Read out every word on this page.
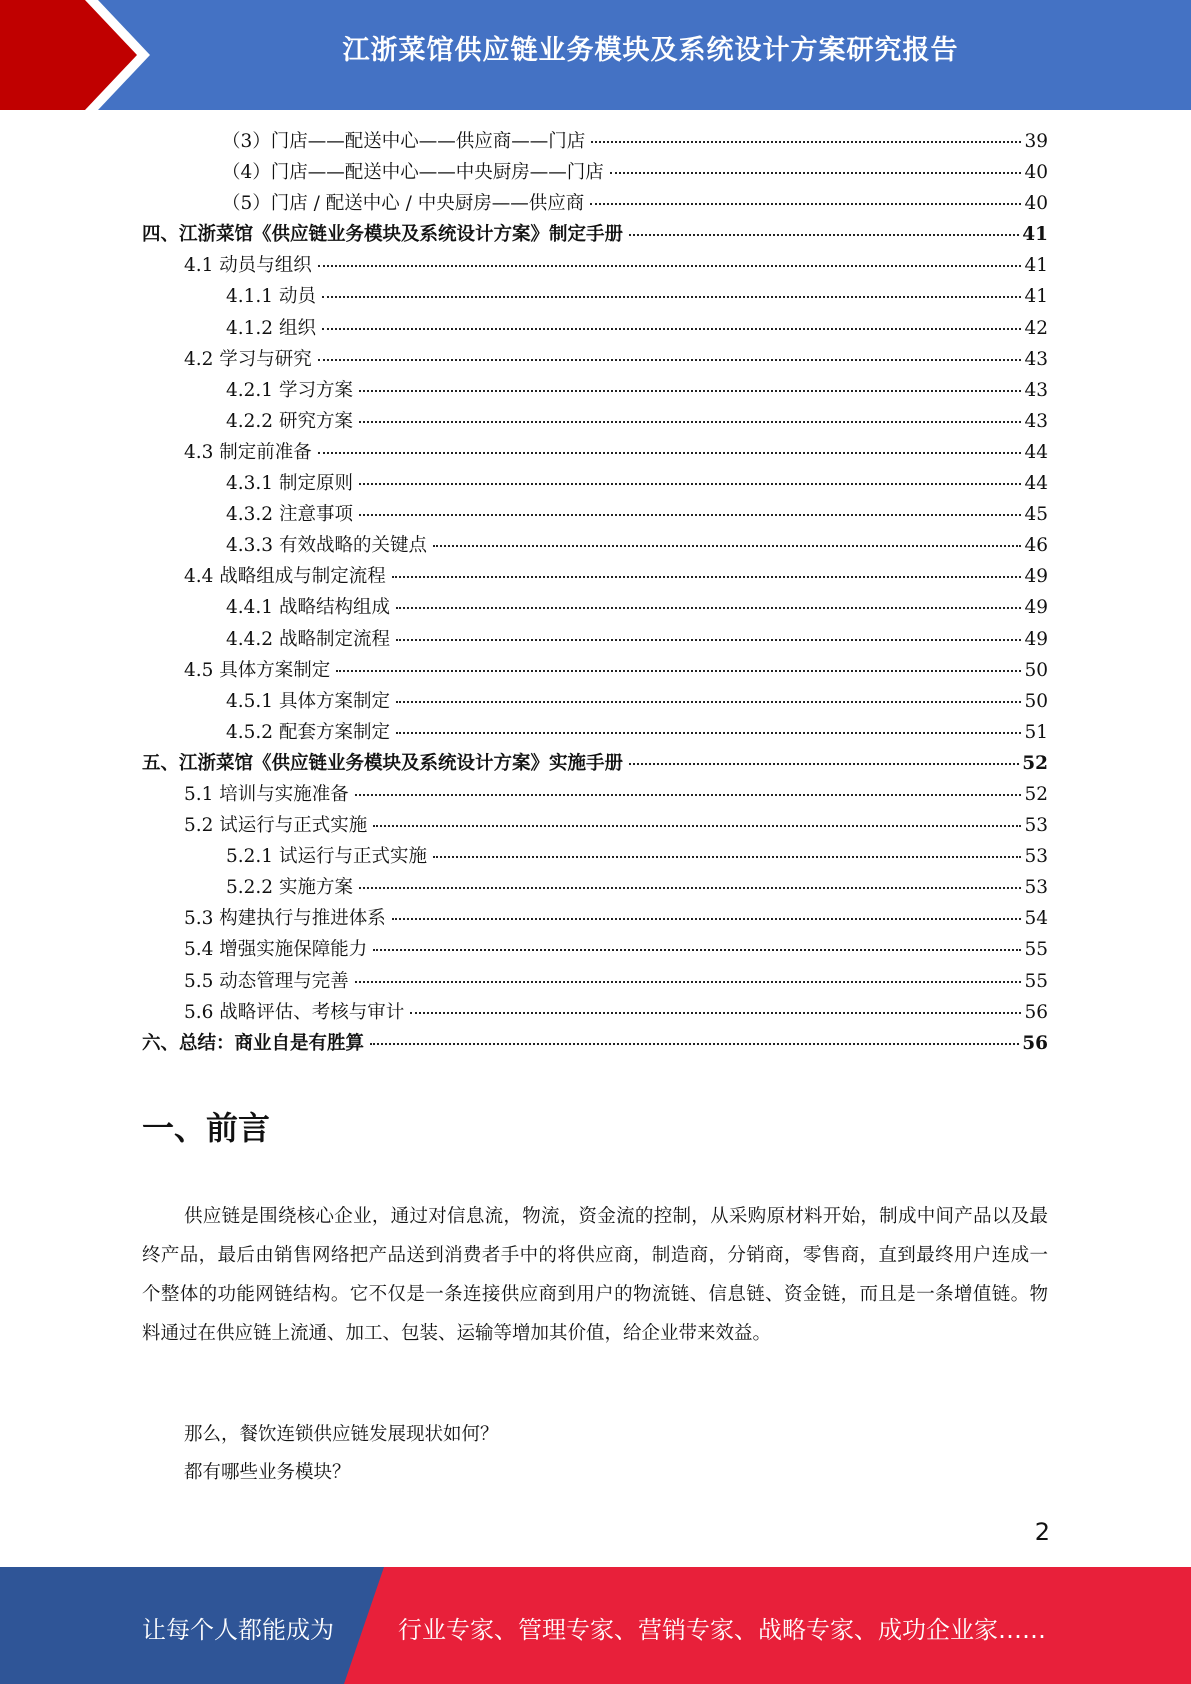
江浙菜馆供应链业务模块及系统设计方案研究报告
（3）门店——配送中心——供应商——门店	39
（4）门店——配送中心——中央厨房——门店	40
（5）门店 / 配送中心 / 中央厨房——供应商	40
四、江浙菜馆《供应链业务模块及系统设计方案》制定手册	41
4.1 动员与组织	41
4.1.1 动员	41
4.1.2 组织	42
4.2 学习与研究	43
4.2.1 学习方案	43
4.2.2 研究方案	43
4.3 制定前准备	44
4.3.1 制定原则	44
4.3.2 注意事项	45
4.3.3 有效战略的关键点	46
4.4 战略组成与制定流程	49
4.4.1 战略结构组成	49
4.4.2 战略制定流程	49
4.5 具体方案制定	50
4.5.1 具体方案制定	50
4.5.2 配套方案制定	51
五、江浙菜馆《供应链业务模块及系统设计方案》实施手册	52
5.1 培训与实施准备	52
5.2 试运行与正式实施	53
5.2.1 试运行与正式实施	53
5.2.2 实施方案	53
5.3 构建执行与推进体系	54
5.4 增强实施保障能力	55
5.5 动态管理与完善	55
5.6 战略评估、考核与审计	56
六、总结：商业自是有胜算	56
一、前言

供应链是围绕核心企业，通过对信息流，物流，资金流的控制，从采购原材料开始，制成中间产品以及最终产品，最后由销售网络把产品送到消费者手中的将供应商，制造商，分销商，零售商，直到最终用户连成一个整体的功能网链结构。它不仅是一条连接供应商到用户的物流链、信息链、资金链，而且是一条增值链。物料通过在供应链上流通、加工、包装、运输等增加其价值，给企业带来效益。

那么，餐饮连锁供应链发展现状如何？

都有哪些业务模块？

2
让每个人都能成为	行业专家、管理专家、营销专家、战略专家、成功企业家……
